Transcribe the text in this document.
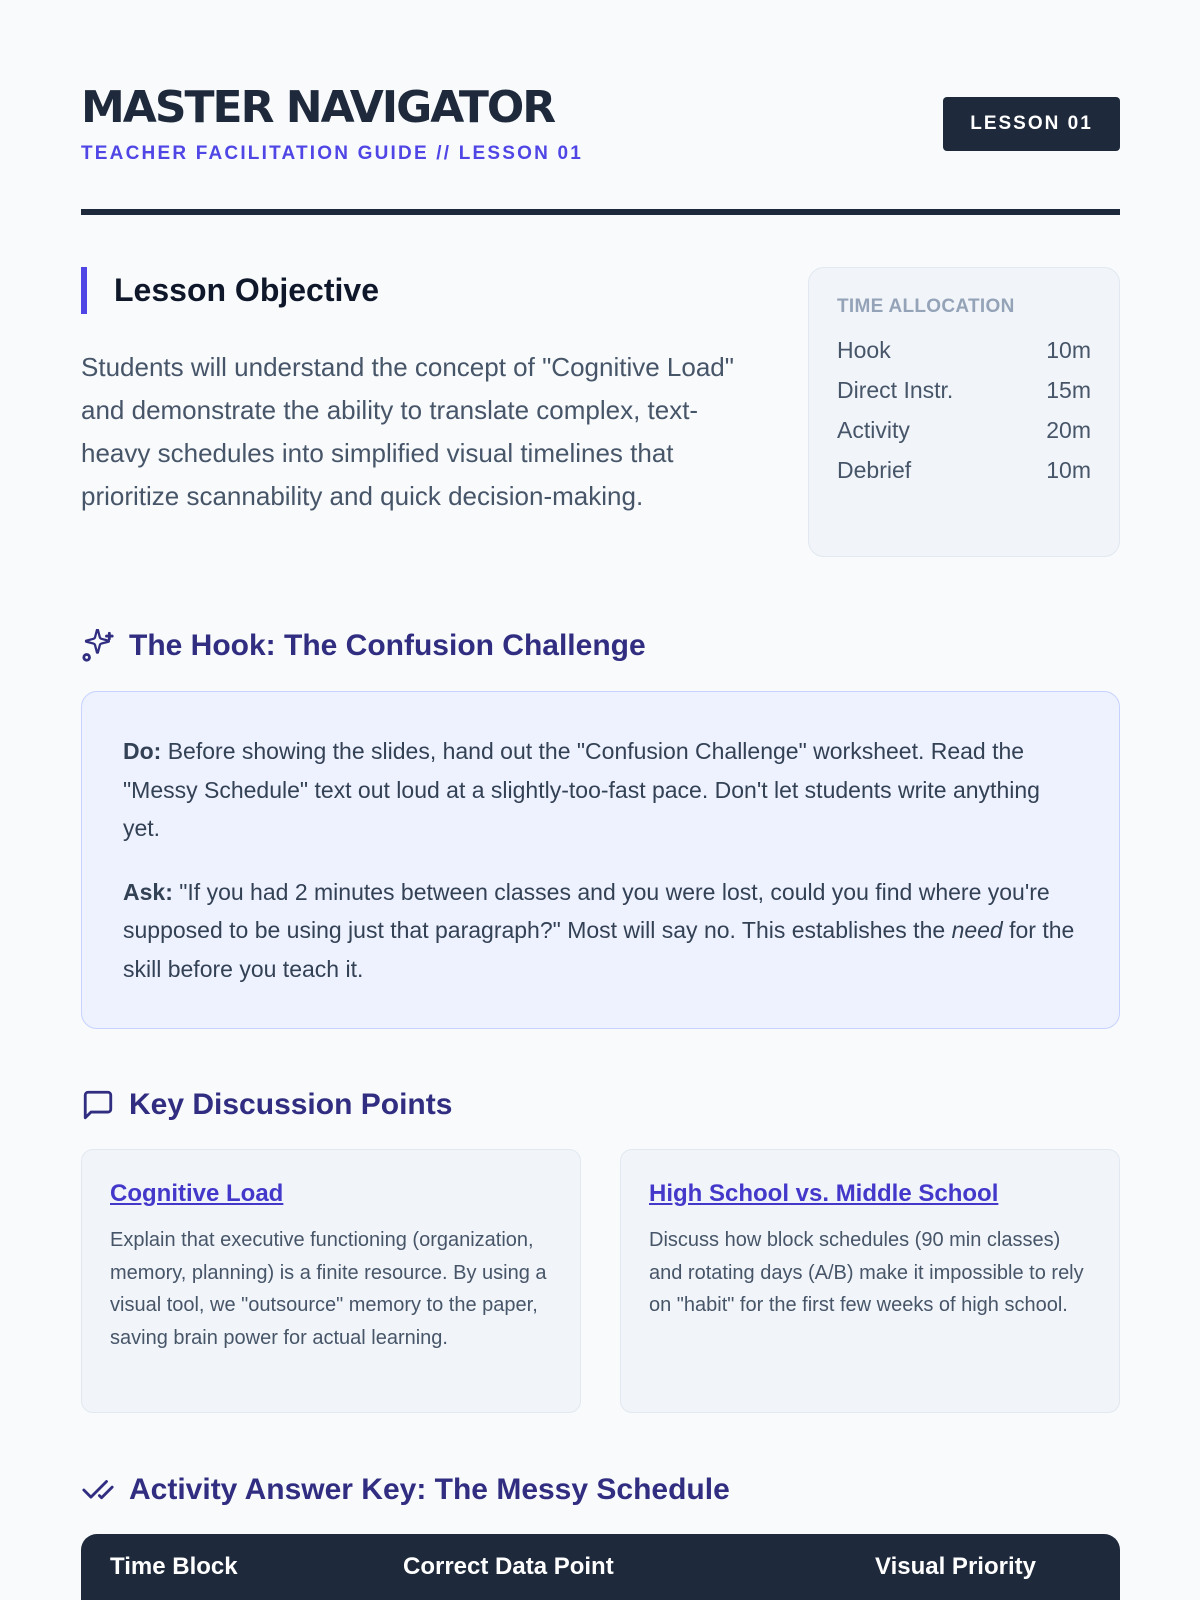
MASTER NAVIGATOR
TEACHER FACILITATION GUIDE // LESSON 01
LESSON 01
Lesson Objective

Students will understand the concept of "Cognitive Load" and demonstrate the ability to translate complex, text-heavy schedules into simplified visual timelines that prioritize scannability and quick decision-making.

TIME ALLOCATION
Hook	10m
Direct Instr.	15m
Activity	20m
Debrief	10m
The Hook: The Confusion Challenge

Do: Before showing the slides, hand out the "Confusion Challenge" worksheet. Read the "Messy Schedule" text out loud at a slightly-too-fast pace. Don't let students write anything yet.

Ask: "If you had 2 minutes between classes and you were lost, could you find where you're supposed to be using just that paragraph?" Most will say no. This establishes the need for the skill before you teach it.

Key Discussion Points
Cognitive Load

Explain that executive functioning (organization, memory, planning) is a finite resource. By using a visual tool, we "outsource" memory to the paper, saving brain power for actual learning.

High School vs. Middle School

Discuss how block schedules (90 min classes) and rotating days (A/B) make it impossible to rely on "habit" for the first few weeks of high school.

Activity Answer Key: The Messy Schedule
Time Block	Correct Data Point	Visual Priority
